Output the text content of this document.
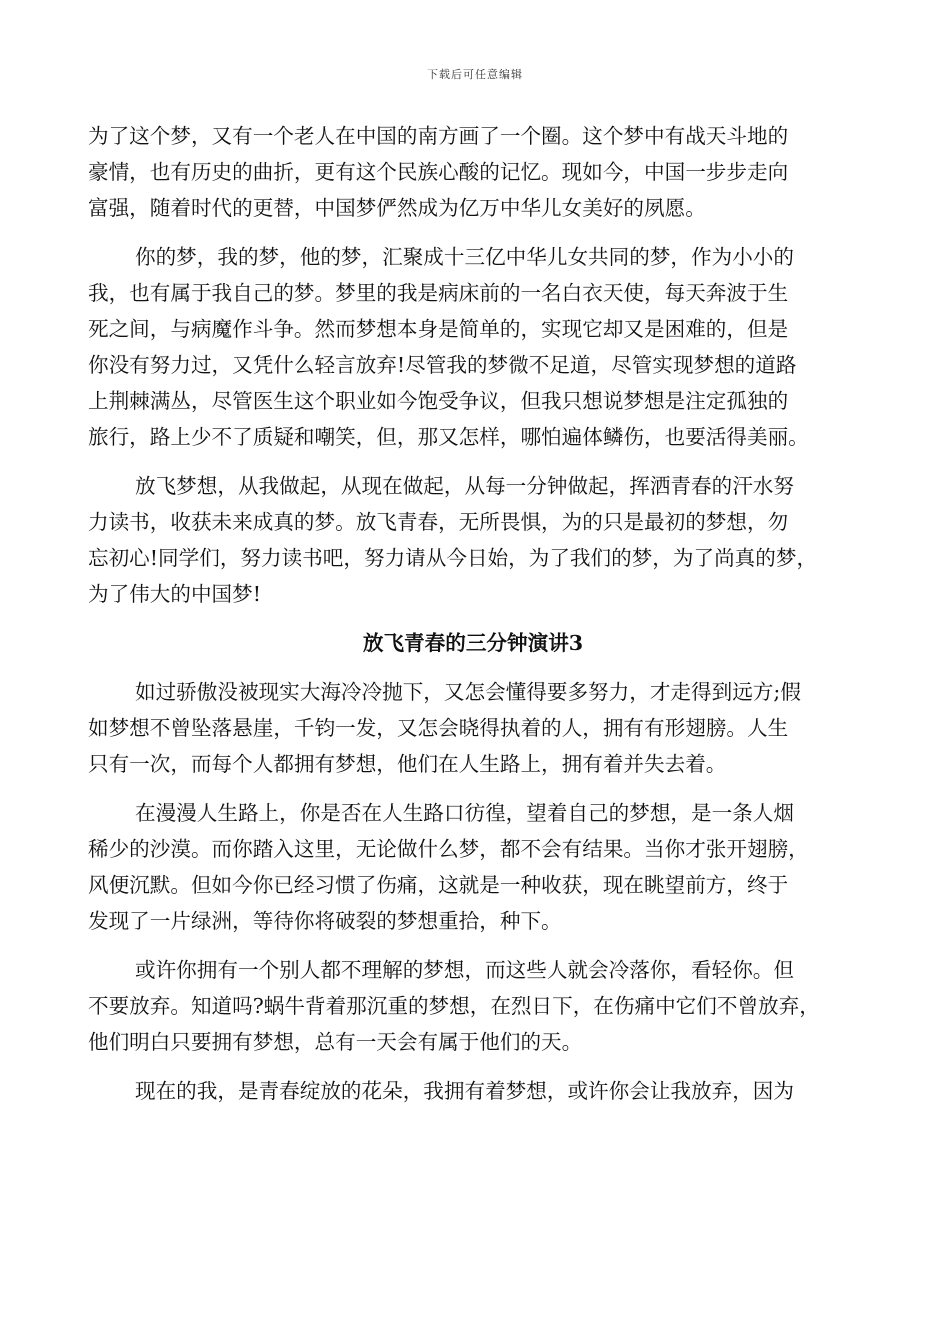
下载后可任意编辑
为了这个梦，又有一个老人在中国的南方画了一个圈。这个梦中有战天斗地的
豪情，也有历史的曲折，更有这个民族心酸的记忆。现如今，中国一步步走向
富强，随着时代的更替，中国梦俨然成为亿万中华儿女美好的夙愿。
你的梦，我的梦，他的梦，汇聚成十三亿中华儿女共同的梦，作为小小的
我，也有属于我自己的梦。梦里的我是病床前的一名白衣天使，每天奔波于生
死之间，与病魔作斗争。然而梦想本身是简单的，实现它却又是困难的，但是
你没有努力过，又凭什么轻言放弃!尽管我的梦微不足道，尽管实现梦想的道路
上荆棘满丛，尽管医生这个职业如今饱受争议，但我只想说梦想是注定孤独的
旅行，路上少不了质疑和嘲笑，但，那又怎样，哪怕遍体鳞伤，也要活得美丽。
放飞梦想，从我做起，从现在做起，从每一分钟做起，挥洒青春的汗水努
力读书，收获未来成真的梦。放飞青春，无所畏惧，为的只是最初的梦想，勿
忘初心!同学们，努力读书吧，努力请从今日始，为了我们的梦，为了尚真的梦，
为了伟大的中国梦!
放飞青春的三分钟演讲3
如过骄傲没被现实大海冷冷抛下，又怎会懂得要多努力，才走得到远方;假
如梦想不曾坠落悬崖，千钧一发，又怎会晓得执着的人，拥有有形翅膀。人生
只有一次，而每个人都拥有梦想，他们在人生路上，拥有着并失去着。
在漫漫人生路上，你是否在人生路口彷徨，望着自己的梦想，是一条人烟
稀少的沙漠。而你踏入这里，无论做什么梦，都不会有结果。当你才张开翅膀，
风便沉默。但如今你已经习惯了伤痛，这就是一种收获，现在眺望前方，终于
发现了一片绿洲，等待你将破裂的梦想重拾，种下。
或许你拥有一个别人都不理解的梦想，而这些人就会冷落你，看轻你。但
不要放弃。知道吗?蜗牛背着那沉重的梦想，在烈日下，在伤痛中它们不曾放弃，
他们明白只要拥有梦想，总有一天会有属于他们的天。
现在的我，是青春绽放的花朵，我拥有着梦想，或许你会让我放弃，因为
